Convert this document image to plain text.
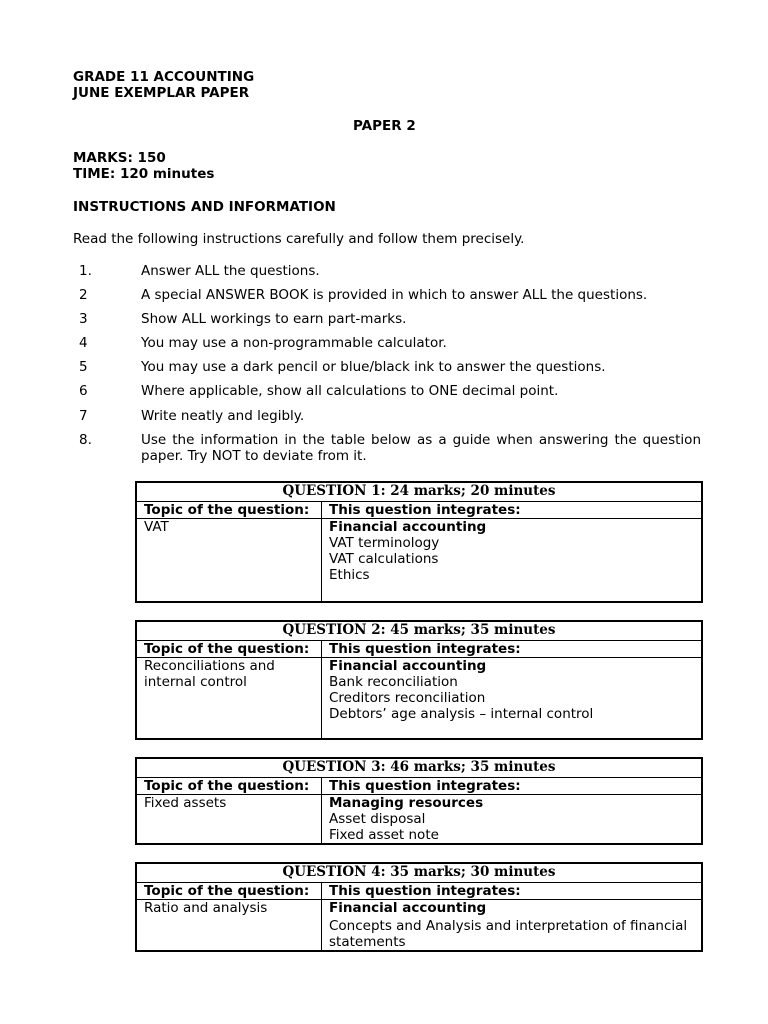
GRADE 11 ACCOUNTING
JUNE EXEMPLAR PAPER
PAPER 2
MARKS: 150
TIME: 120 minutes
INSTRUCTIONS AND INFORMATION
Read the following instructions carefully and follow them precisely.
1.	Answer ALL the questions.
2	A special ANSWER BOOK is provided in which to answer ALL the questions.
3	Show ALL workings to earn part-marks.
4	You may use a non-programmable calculator.
5	You may use a dark pencil or blue/black ink to answer the questions.
6	Where applicable, show all calculations to ONE decimal point.
7	Write neatly and legibly.
8.	Use the information in the table below as a guide when answering the question paper. Try NOT to deviate from it.
QUESTION 1: 24 marks; 20 minutes	
Topic of the question:	This question integrates:

VAT	Financial accounting
VAT terminology
VAT calculations
Ethics
QUESTION 2: 45 marks; 35 minutes	
Topic of the question:	This question integrates:

Reconciliations and
internal control	Financial accounting
Bank reconciliation
Creditors reconciliation
Debtors’ age analysis – internal control
QUESTION 3: 46 marks; 35 minutes	
Topic of the question:	This question integrates:

Fixed assets	Managing resources
Asset disposal
Fixed asset note
QUESTION 4: 35 marks; 30 minutes	
Topic of the question:	This question integrates:

Ratio and analysis	Financial accounting
Concepts and Analysis and interpretation of financial statements
